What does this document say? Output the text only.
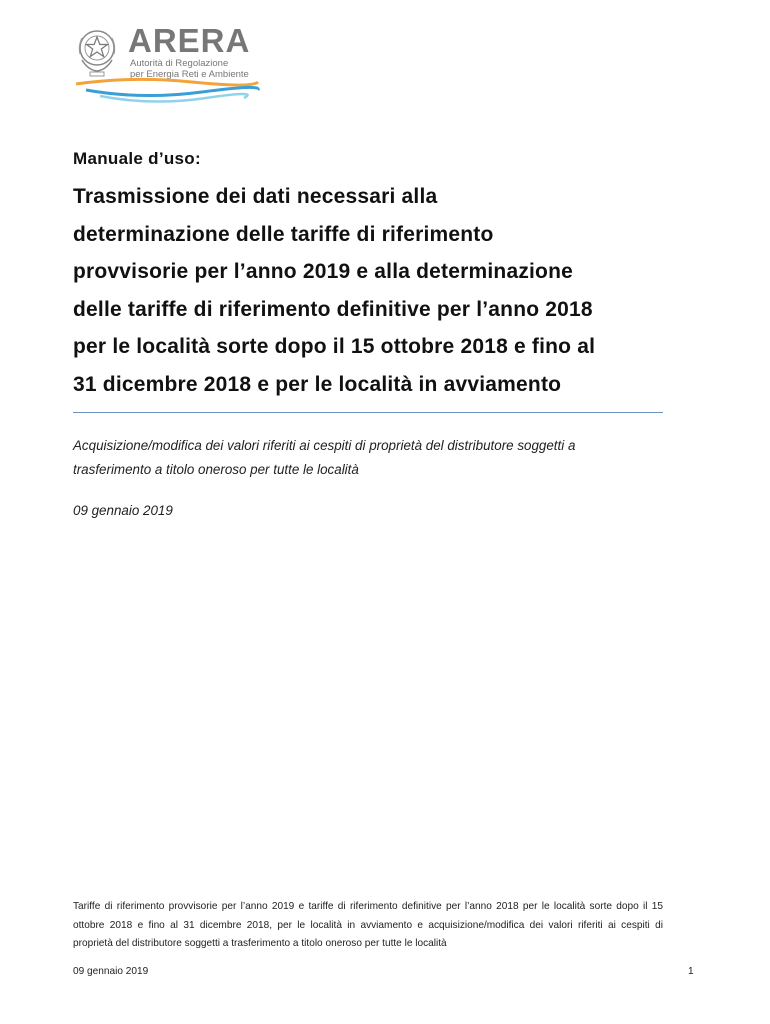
ARERA
Autorità di Regolazione
per Energia Reti e Ambiente
Manuale d’uso:
Trasmissione dei dati necessari alla
determinazione delle tariffe di riferimento
provvisorie per l’anno 2019 e alla determinazione
delle tariffe di riferimento definitive per l’anno 2018
per le località sorte dopo il 15 ottobre 2018 e fino al
31 dicembre 2018 e per le località in avviamento
Acquisizione/modifica dei valori riferiti ai cespiti di proprietà del distributore soggetti a
trasferimento a titolo oneroso per tutte le località
09 gennaio 2019
Tariffe di riferimento provvisorie per l’anno 2019 e tariffe di riferimento definitive per l’anno 2018 per le località sorte dopo il 15
ottobre 2018 e fino al 31 dicembre 2018, per le località in avviamento e acquisizione/modifica dei valori riferiti ai cespiti di
proprietà del distributore soggetti a trasferimento a titolo oneroso per tutte le località
09 gennaio 2019	1
